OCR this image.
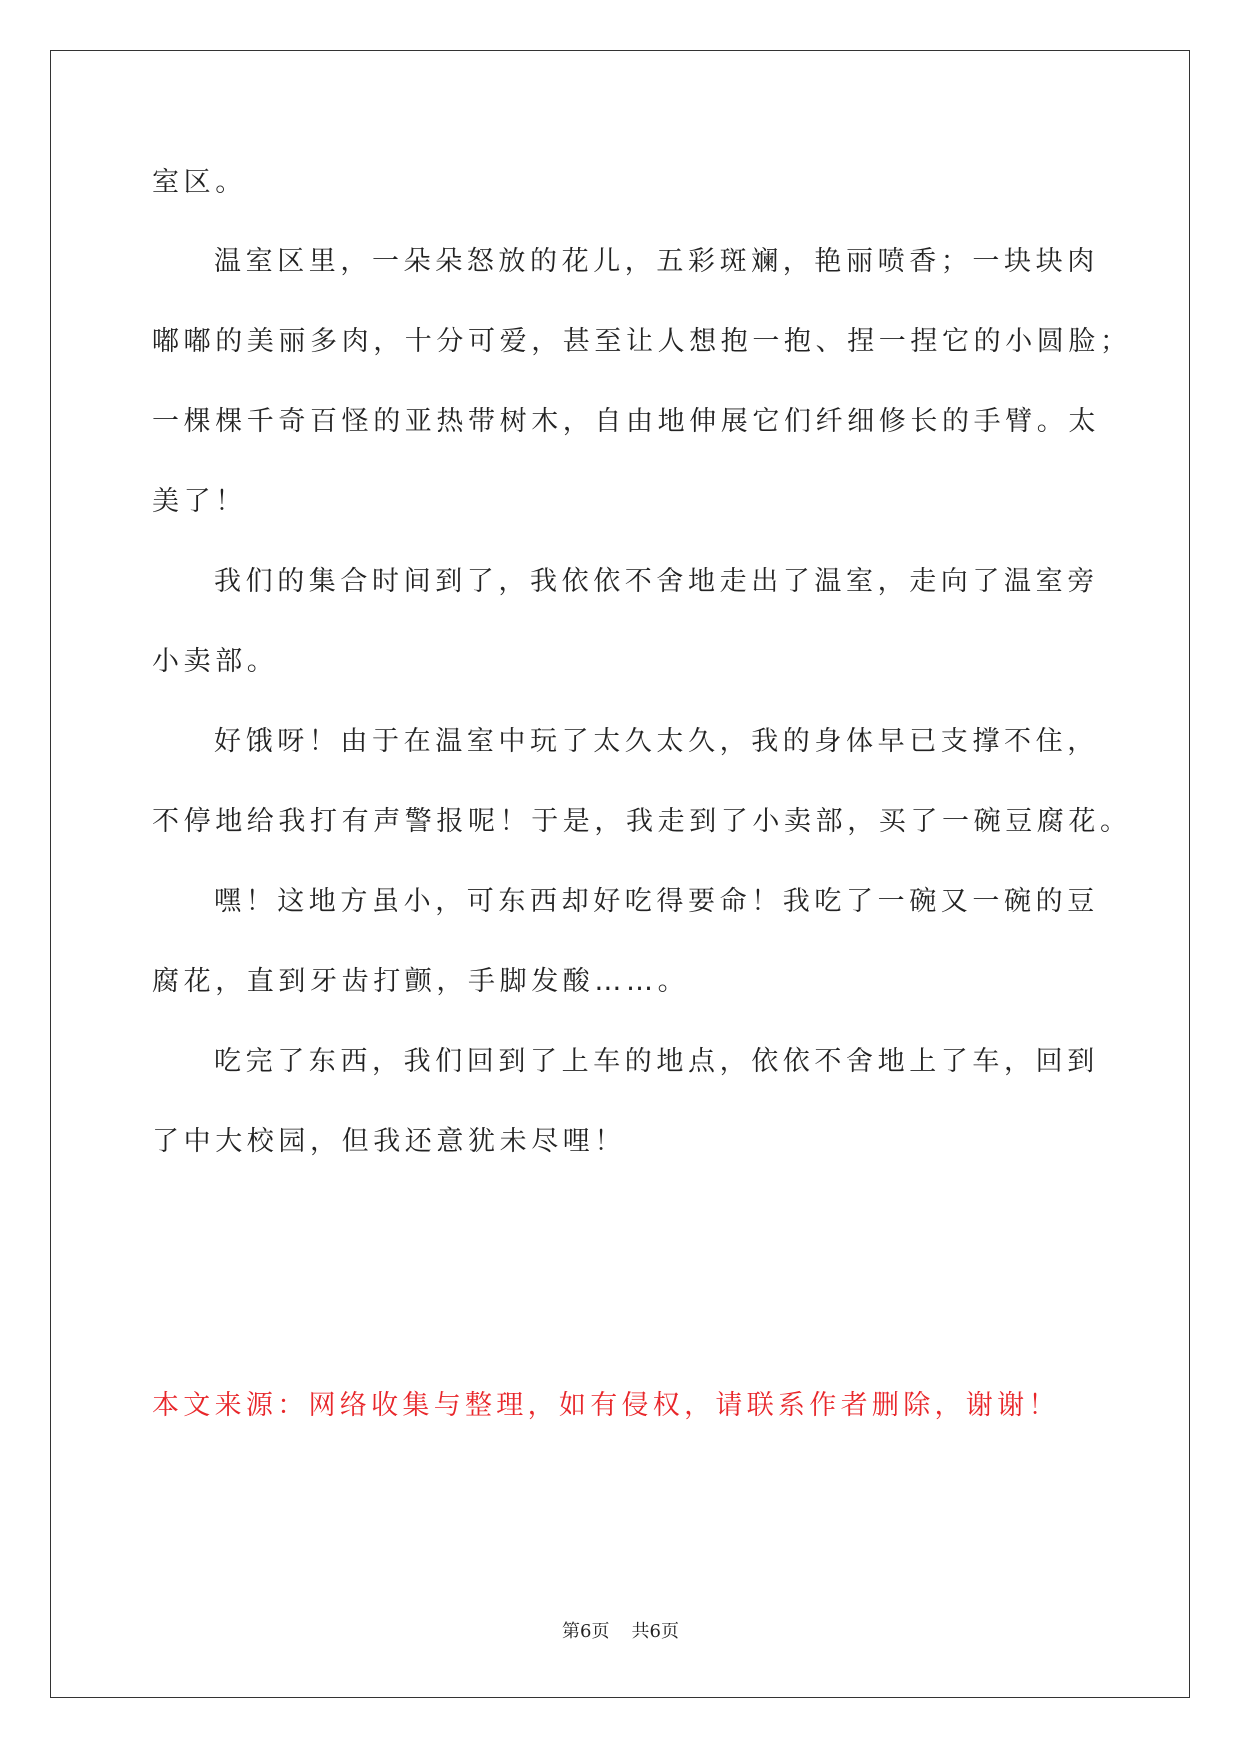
室区。

温室区里，一朵朵怒放的花儿，五彩斑斓，艳丽喷香；一块块肉

嘟嘟的美丽多肉，十分可爱，甚至让人想抱一抱、捏一捏它的小圆脸；

一棵棵千奇百怪的亚热带树木，自由地伸展它们纤细修长的手臂。太

美了！

我们的集合时间到了，我依依不舍地走出了温室，走向了温室旁

小卖部。

好饿呀！由于在温室中玩了太久太久，我的身体早已支撑不住，

不停地给我打有声警报呢！于是，我走到了小卖部，买了一碗豆腐花。

嘿！这地方虽小，可东西却好吃得要命！我吃了一碗又一碗的豆

腐花，直到牙齿打颤，手脚发酸……。

吃完了东西，我们回到了上车的地点，依依不舍地上了车，回到

了中大校园，但我还意犹未尽哩！

本文来源：网络收集与整理，如有侵权，请联系作者删除，谢谢！

第6页 共6页
